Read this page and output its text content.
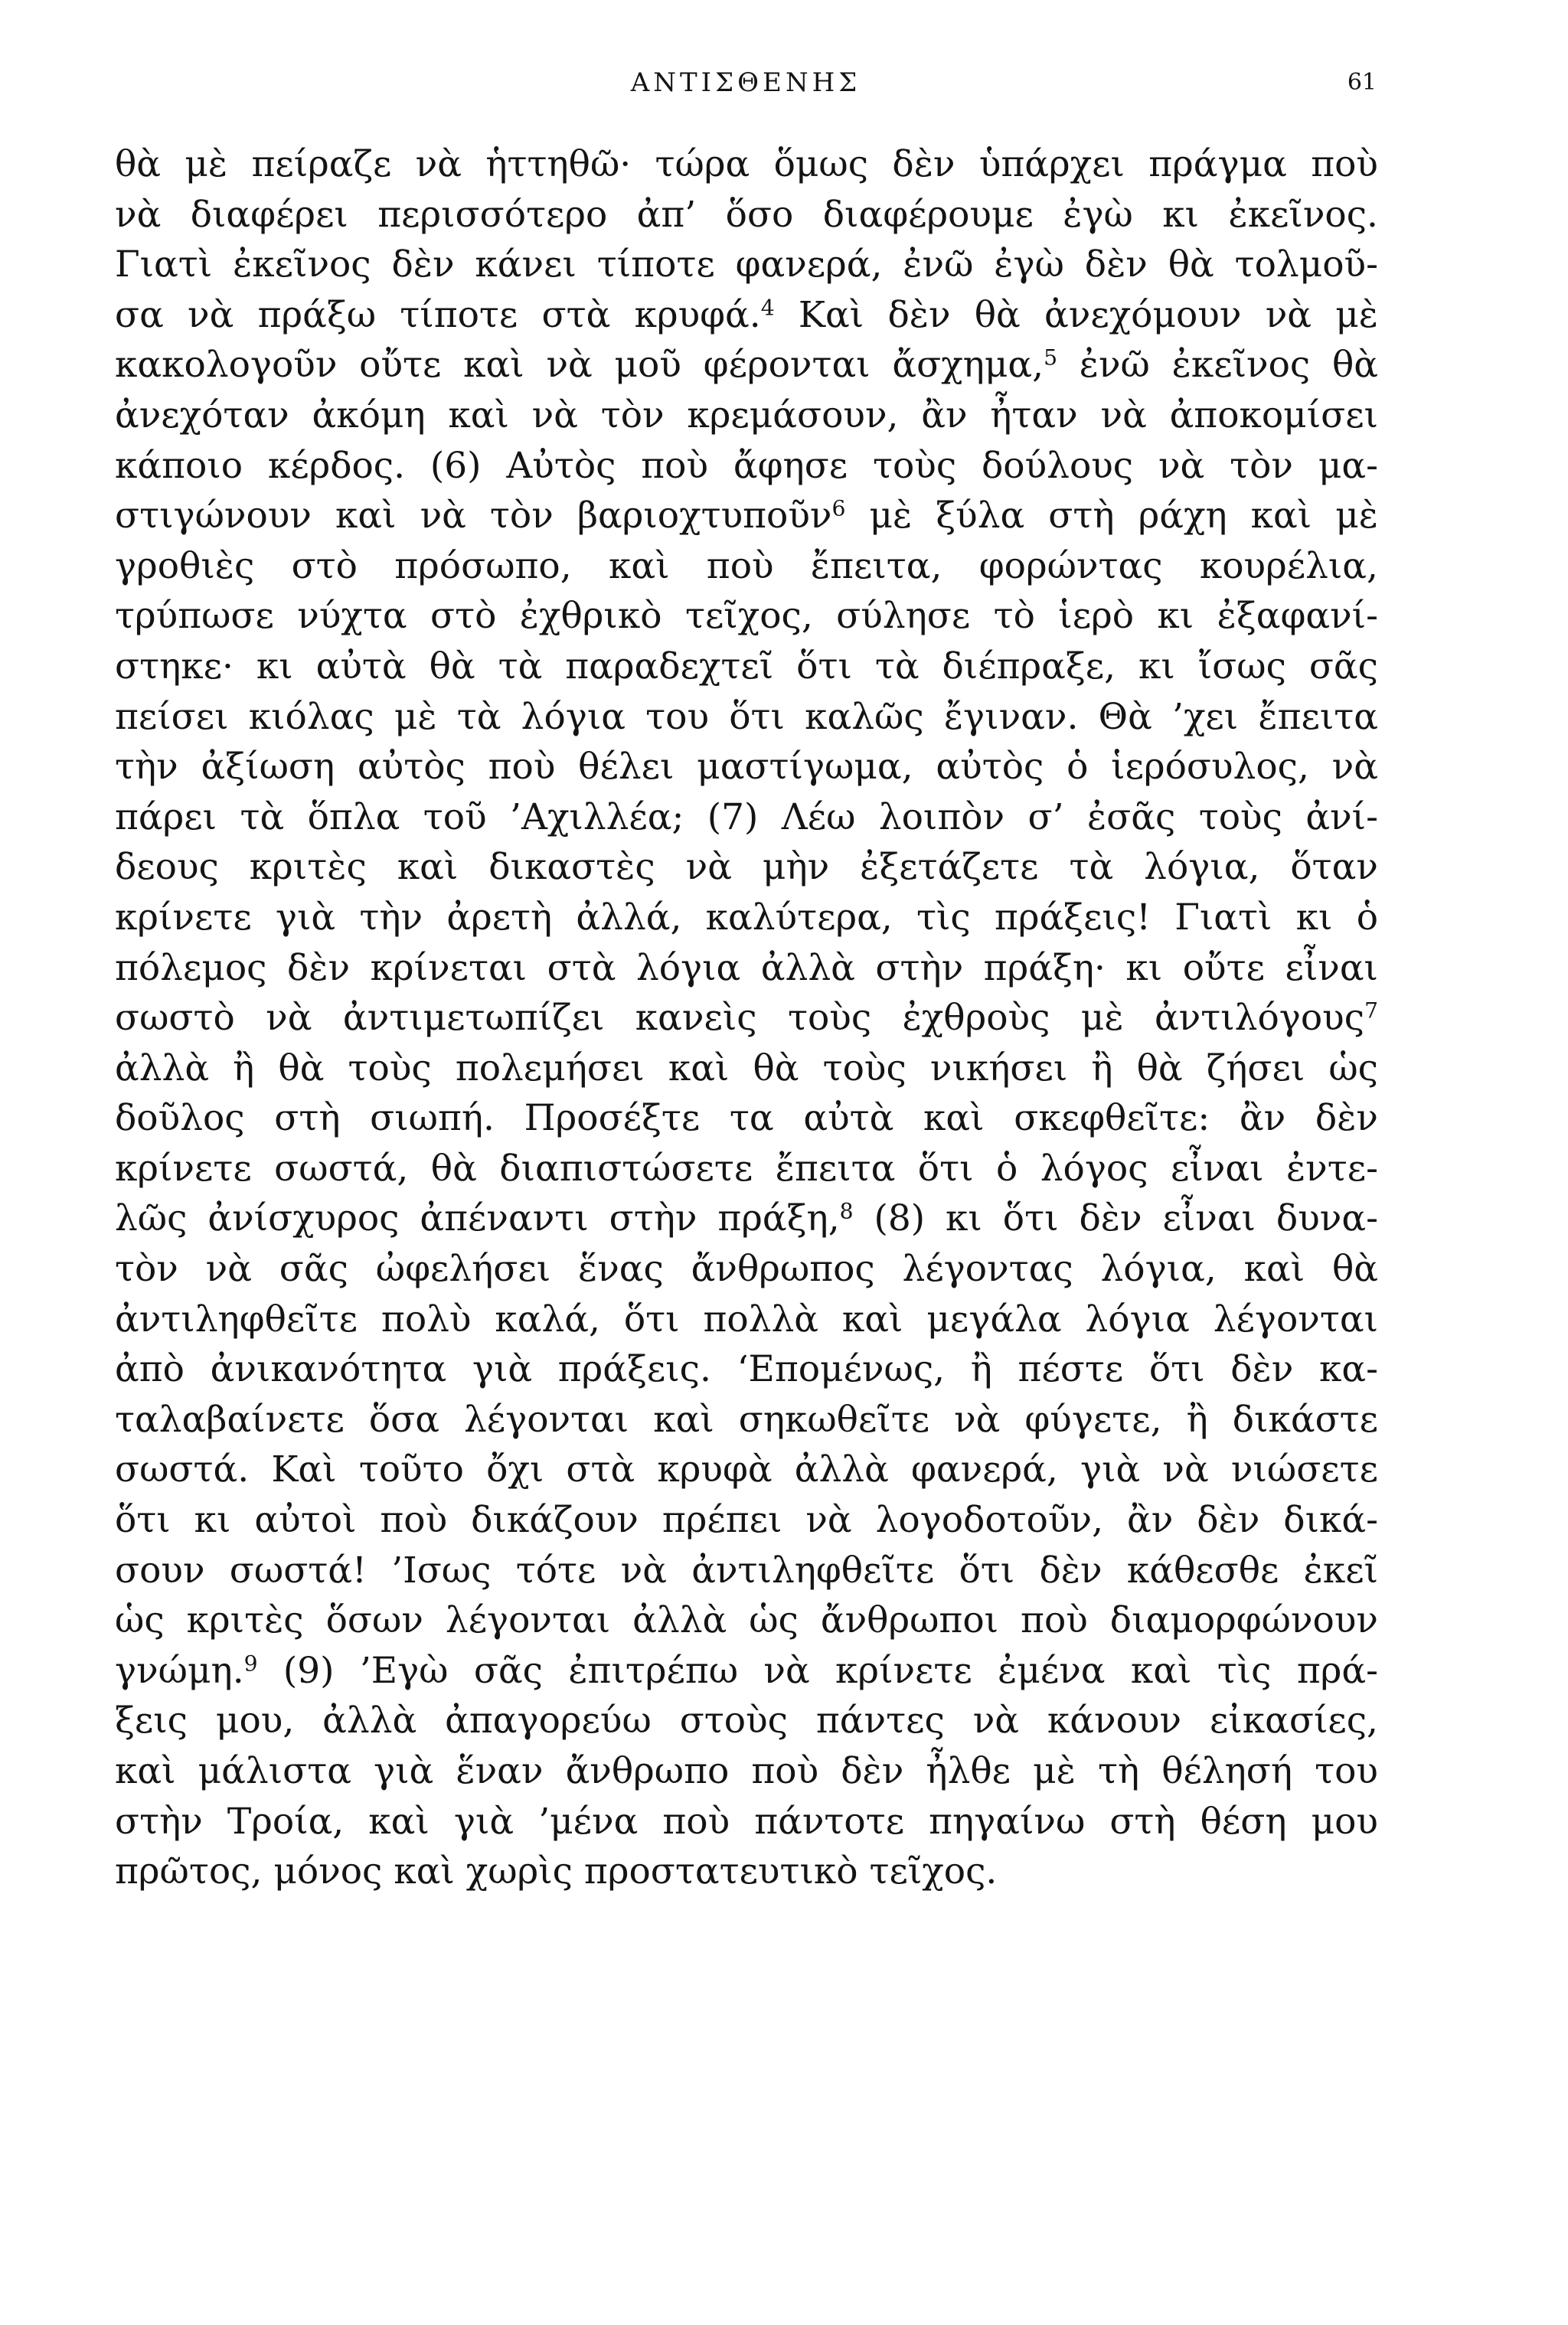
ΑΝΤΙΣΘΕΝΗΣ	61
θὰ μὲ πείραζε νὰ ἡττηθῶ· τώρα ὅμως δὲν ὑπάρχει πράγμα ποὺ
νὰ διαφέρει περισσότερο ἀπ’ ὅσο διαφέρουμε ἐγὼ κι ἐκεῖνος.
Γιατὶ ἐκεῖνος δὲν κάνει τίποτε φανερά, ἐνῶ ἐγὼ δὲν θὰ τολμοῦ-
σα νὰ πράξω τίποτε στὰ κρυφά.$^4$ Καὶ δὲν θὰ ἀνεχόμουν νὰ μὲ
κακολογοῦν οὔτε καὶ νὰ μοῦ φέρονται ἄσχημα,$^5$ ἐνῶ ἐκεῖνος θὰ
ἀνεχόταν ἀκόμη καὶ νὰ τὸν κρεμάσουν, ἂν ἦταν νὰ ἀποκομίσει
κάποιο κέρδος. (6) Αὐτὸς ποὺ ἄφησε τοὺς δούλους νὰ τὸν μα-
στιγώνουν καὶ νὰ τὸν βαριοχτυποῦν$^6$ μὲ ξύλα στὴ ράχη καὶ μὲ
γροθιὲς στὸ πρόσωπο, καὶ ποὺ ἔπειτα, φορώντας κουρέλια,
τρύπωσε νύχτα στὸ ἐχθρικὸ τεῖχος, σύλησε τὸ ἱερὸ κι ἐξαφανί-
στηκε· κι αὐτὰ θὰ τὰ παραδεχτεῖ ὅτι τὰ διέπραξε, κι ἴσως σᾶς
πείσει κιόλας μὲ τὰ λόγια του ὅτι καλῶς ἔγιναν. Θὰ ’χει ἔπειτα
τὴν ἀξίωση αὐτὸς ποὺ θέλει μαστίγωμα, αὐτὸς ὁ ἱερόσυλος, νὰ
πάρει τὰ ὅπλα τοῦ ’Αχιλλέα; (7) Λέω λοιπὸν σ’ ἐσᾶς τοὺς ἀνί-
δεους κριτὲς καὶ δικαστὲς νὰ μὴν ἐξετάζετε τὰ λόγια, ὅταν
κρίνετε γιὰ τὴν ἀρετὴ ἀλλά, καλύτερα, τὶς πράξεις! Γιατὶ κι ὁ
πόλεμος δὲν κρίνεται στὰ λόγια ἀλλὰ στὴν πράξη· κι οὔτε εἶναι
σωστὸ νὰ ἀντιμετωπίζει κανεὶς τοὺς ἐχθροὺς μὲ ἀντιλόγους$^7$
ἀλλὰ ἢ θὰ τοὺς πολεμήσει καὶ θὰ τοὺς νικήσει ἢ θὰ ζήσει ὡς
δοῦλος στὴ σιωπή. Προσέξτε τα αὐτὰ καὶ σκεφθεῖτε: ἂν δὲν
κρίνετε σωστά, θὰ διαπιστώσετε ἔπειτα ὅτι ὁ λόγος εἶναι ἐντε-
λῶς ἀνίσχυρος ἀπέναντι στὴν πράξη,$^8$ (8) κι ὅτι δὲν εἶναι δυνα-
τὸν νὰ σᾶς ὠφελήσει ἕνας ἄνθρωπος λέγοντας λόγια, καὶ θὰ
ἀντιληφθεῖτε πολὺ καλά, ὅτι πολλὰ καὶ μεγάλα λόγια λέγονται
ἀπὸ ἀνικανότητα γιὰ πράξεις. ‘Επομένως, ἢ πέστε ὅτι δὲν κα-
ταλαβαίνετε ὅσα λέγονται καὶ σηκωθεῖτε νὰ φύγετε, ἢ δικάστε
σωστά. Καὶ τοῦτο ὄχι στὰ κρυφὰ ἀλλὰ φανερά, γιὰ νὰ νιώσετε
ὅτι κι αὐτοὶ ποὺ δικάζουν πρέπει νὰ λογοδοτοῦν, ἂν δὲν δικά-
σουν σωστά! ’Ισως τότε νὰ ἀντιληφθεῖτε ὅτι δὲν κάθεσθε ἐκεῖ
ὡς κριτὲς ὅσων λέγονται ἀλλὰ ὡς ἄνθρωποι ποὺ διαμορφώνουν
γνώμη.$^9$ (9) ’Εγὼ σᾶς ἐπιτρέπω νὰ κρίνετε ἐμένα καὶ τὶς πρά-
ξεις μου, ἀλλὰ ἀπαγορεύω στοὺς πάντες νὰ κάνουν εἰκασίες,
καὶ μάλιστα γιὰ ἕναν ἄνθρωπο ποὺ δὲν ἦλθε μὲ τὴ θέλησή του
στὴν Τροία, καὶ γιὰ ’μένα ποὺ πάντοτε πηγαίνω στὴ θέση μου
πρῶτος, μόνος καὶ χωρὶς προστατευτικὸ τεῖχος.
